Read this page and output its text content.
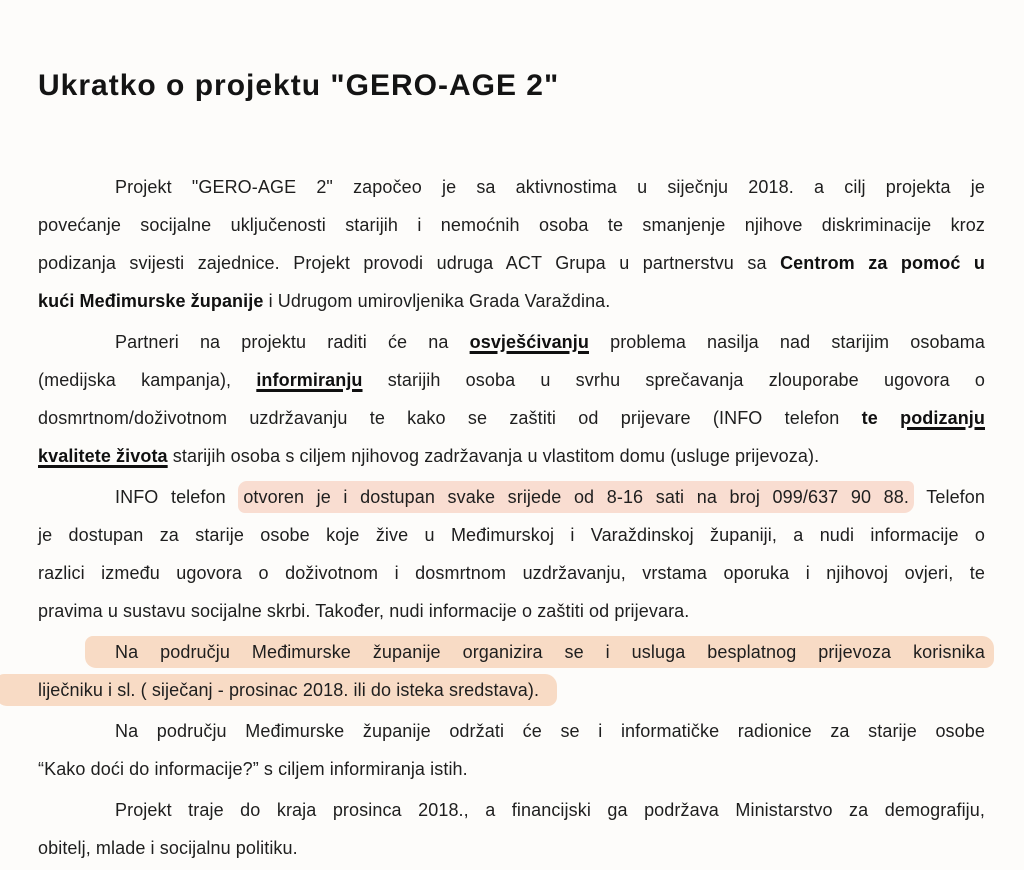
Ukratko o projektu "GERO-AGE 2"
Projekt "GERO-AGE 2" započeo je sa aktivnostima u siječnju 2018. a cilj projekta je
povećanje socijalne uključenosti starijih i nemoćnih osoba te smanjenje njihove diskriminacije kroz
podizanja svijesti zajednice. Projekt provodi udruga ACT Grupa u partnerstvu sa Centrom za pomoć u
kući Međimurske županije i Udrugom umirovljenika Grada Varaždina.
Partneri na projektu raditi će na osvješćivanju problema nasilja nad starijim osobama
(medijska kampanja), informiranju starijih osoba u svrhu sprečavanja zlouporabe ugovora o
dosmrtnom/doživotnom uzdržavanju te kako se zaštiti od prijevare (INFO telefon te podizanju
kvalitete života starijih osoba s ciljem njihovog zadržavanja u vlastitom domu (usluge prijevoza).
INFO telefon otvoren je i dostupan svake srijede od 8-16 sati na broj 099/637 90 88. Telefon
je dostupan za starije osobe koje žive u Međimurskoj i Varaždinskoj županiji, a nudi informacije o
razlici između ugovora o doživotnom i dosmrtnom uzdržavanju, vrstama oporuka i njihovoj ovjeri, te
pravima u sustavu socijalne skrbi. Također, nudi informacije o zaštiti od prijevara.
Na području Međimurske županije organizira se i usluga besplatnog prijevoza korisnika
liječniku i sl. ( siječanj - prosinac 2018. ili do isteka sredstava).
Na području Međimurske županije održati će se i informatičke radionice za starije osobe
“Kako doći do informacije?” s ciljem informiranja istih.
Projekt traje do kraja prosinca 2018., a financijski ga podržava Ministarstvo za demografiju,
obitelj, mlade i socijalnu politiku.
